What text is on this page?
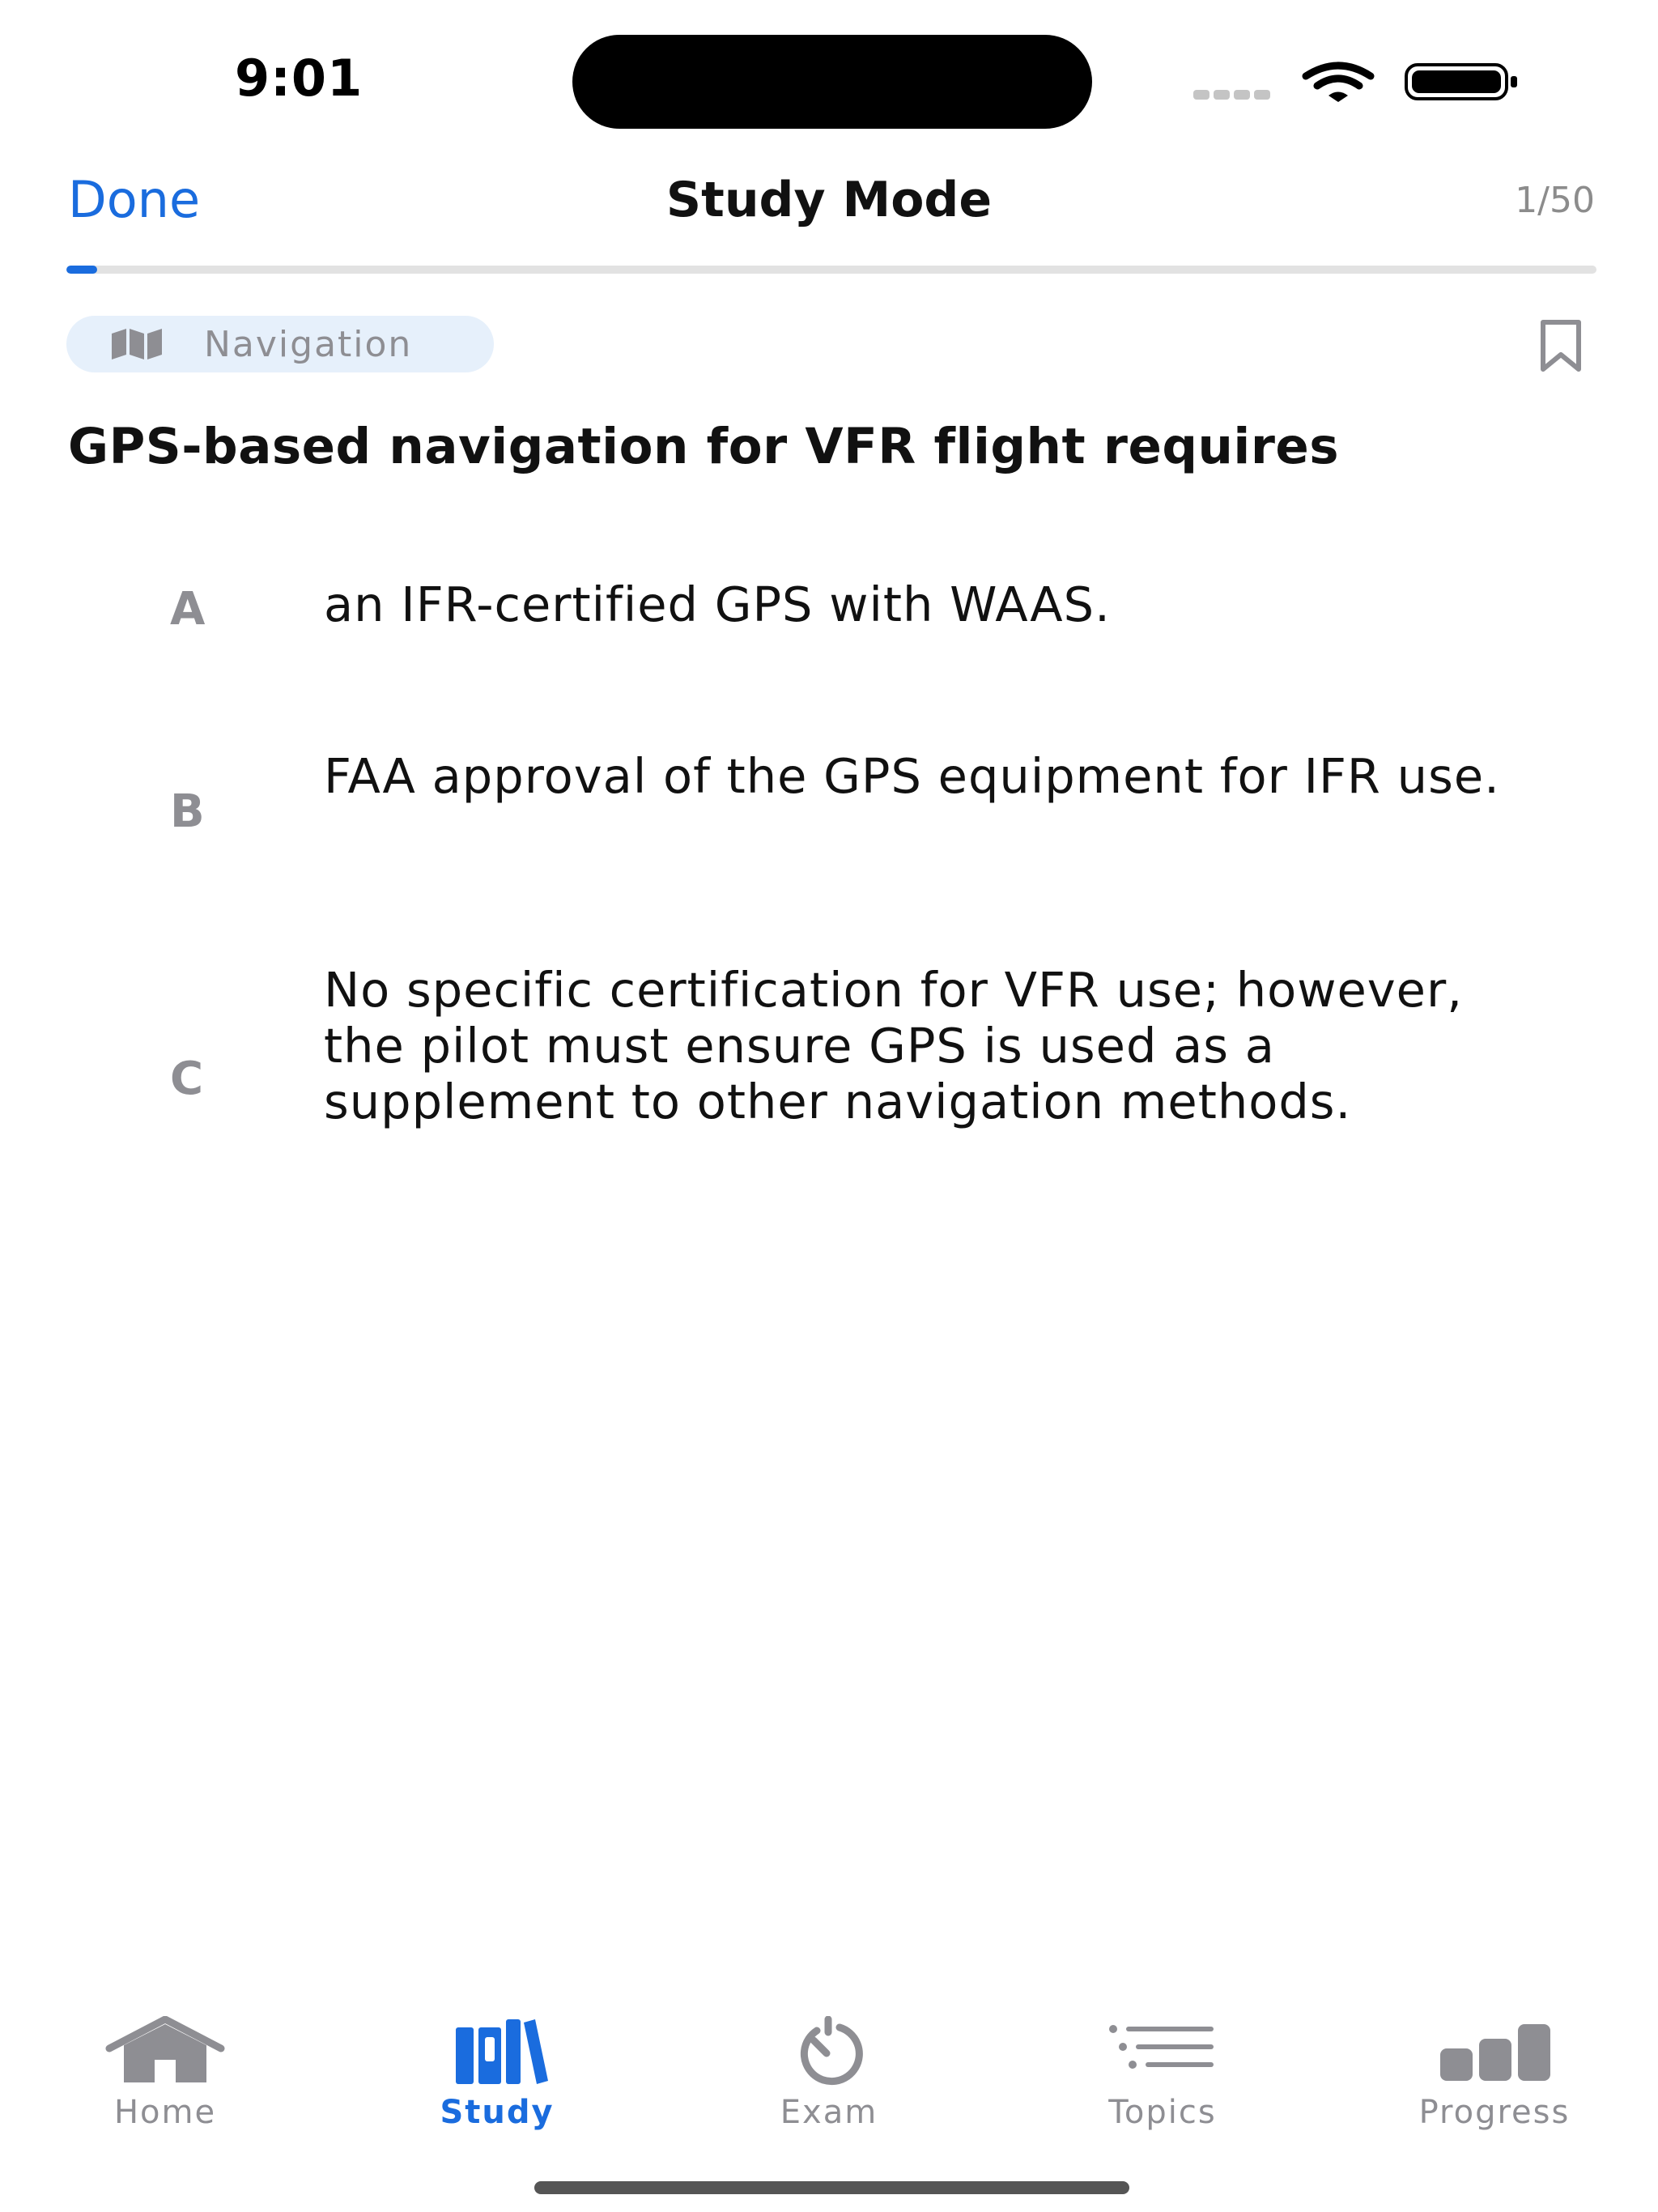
9:01
Done	Study Mode	1/50
Navigation
GPS-based navigation for VFR flight requires
A	an IFR-certified GPS with WAAS.
B
FAA approval of the GPS equipment for IFR use.
C
No specific certification for VFR use; however, the pilot must ensure GPS is used as a supplement to other navigation methods.
Home	Study	Exam	Topics	Progress
